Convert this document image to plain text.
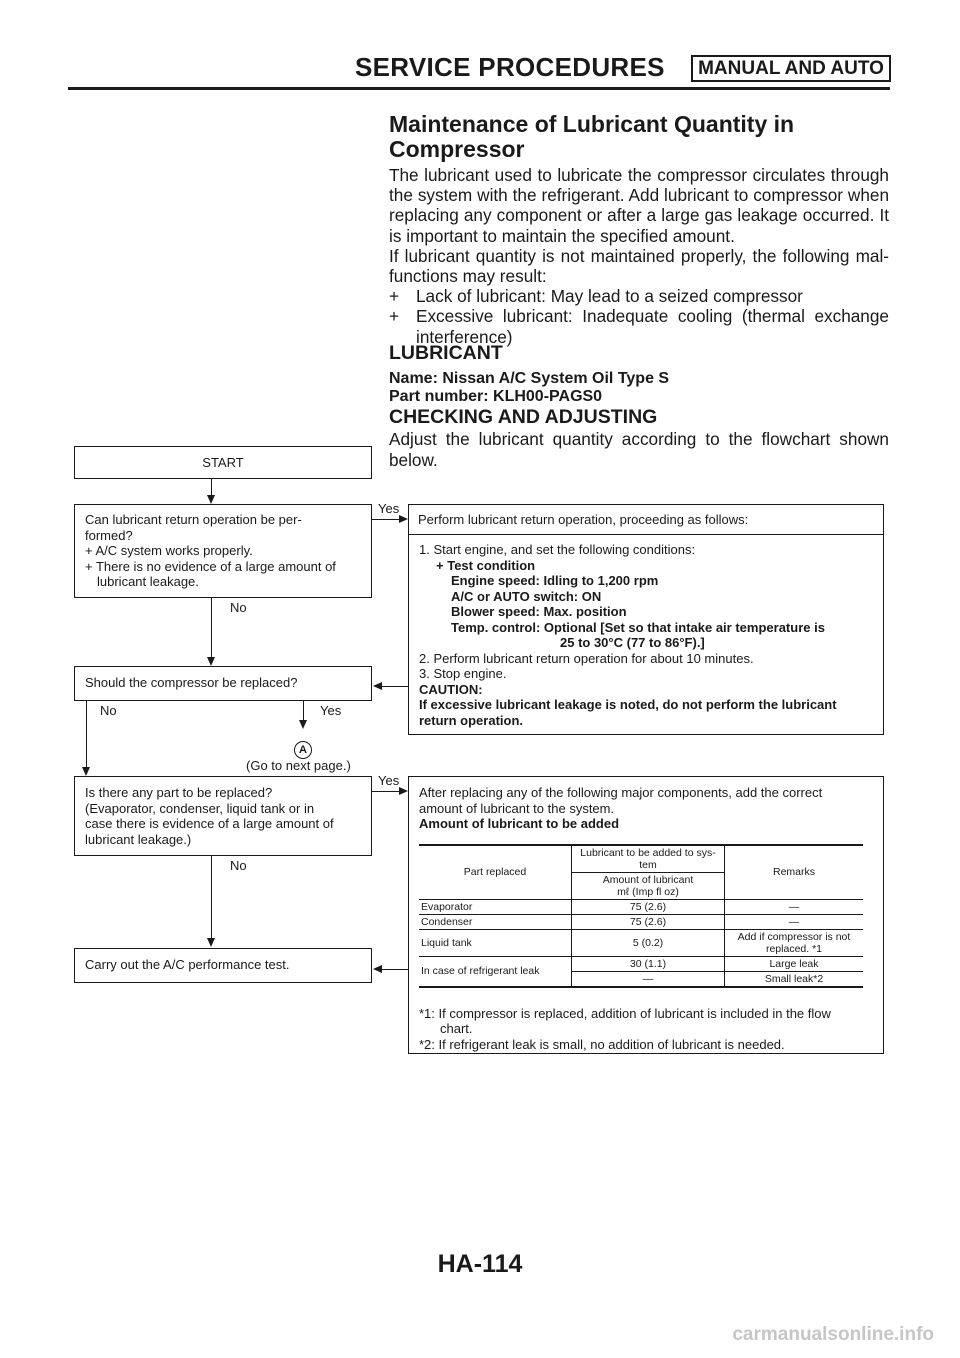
SERVICE PROCEDURES	MANUAL AND AUTO
Maintenance of Lubricant Quantity in
Compressor
The lubricant used to lubricate the compressor circulates through the system with the refrigerant. Add lubricant to compressor when replacing any component or after a large gas leakage occurred. It is important to maintain the specified amount.
If lubricant quantity is not maintained properly, the following mal-functions may result:
+ Lack of lubricant: May lead to a seized compressor
+ Excessive lubricant: Inadequate cooling (thermal exchange interference)
LUBRICANT
Name: Nissan A/C System Oil Type S
Part number: KLH00-PAGS0
CHECKING AND ADJUSTING
Adjust the lubricant quantity according to the flowchart shown below.
START
Can lubricant return operation be per-
formed?
+ A/C system works properly.
+ There is no evidence of a large amount of
lubricant leakage.
No
Yes
Perform lubricant return operation, proceeding as follows:
1. Start engine, and set the following conditions:
+ Test condition
Engine speed: Idling to 1,200 rpm
A/C or AUTO switch: ON
Blower speed: Max. position
Temp. control: Optional [Set so that intake air temperature is
25 to 30°C (77 to 86°F).]
2. Perform lubricant return operation for about 10 minutes.
3. Stop engine.
CAUTION:
If excessive lubricant leakage is noted, do not perform the lubricant
return operation.
Should the compressor be replaced?
No	Yes
A
(Go to next page.)
Is there any part to be replaced?
(Evaporator, condenser, liquid tank or in
case there is evidence of a large amount of
lubricant leakage.)
Yes
No
After replacing any of the following major components, add the correct
amount of lubricant to the system.
Amount of lubricant to be added
Part replaced	Lubricant to be added to sys-
tem	Remarks
	Amount of lubricant
mℓ (Imp fl oz)	
Evaporator	75 (2.6)	—
Condenser	75 (2.6)	—
Liquid tank	5 (0.2)	Add if compressor is not
replaced. *1
In case of refrigerant leak	30 (1.1)	Large leak
	—	Small leak*2
*1: If compressor is replaced, addition of lubricant is included in the flow
chart.
*2: If refrigerant leak is small, no addition of lubricant is needed.
Carry out the A/C performance test.
HA-114
carmanualsonline.info
